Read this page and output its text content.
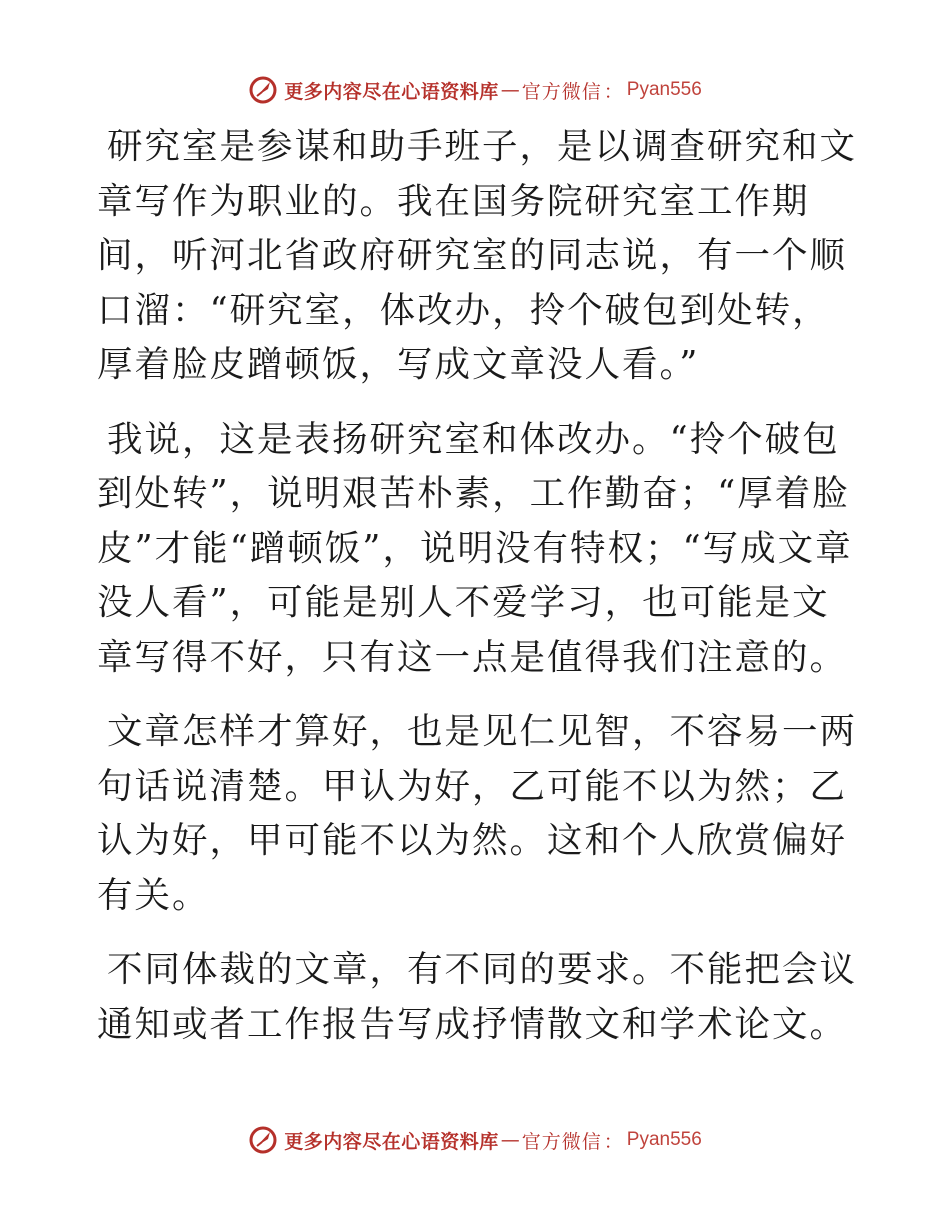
更多内容尽在心语资料库 — 官方微信 ： Pyan556

研究室是参谋和助手班子，是以调查研究和文章写作为职业的。我在国务院研究室工作期间，听河北省政府研究室的同志说，有一个顺口溜：“研究室，体改办，拎个破包到处转，厚着脸皮蹭顿饭，写成文章没人看。”

我说，这是表扬研究室和体改办。“拎个破包到处转”，说明艰苦朴素，工作勤奋；“厚着脸皮”才能“蹭顿饭”，说明没有特权；“写成文章没人看”，可能是别人不爱学习，也可能是文章写得不好，只有这一点是值得我们注意的。

文章怎样才算好，也是见仁见智，不容易一两句话说清楚。甲认为好，乙可能不以为然；乙认为好，甲可能不以为然。这和个人欣赏偏好有关。

不同体裁的文章，有不同的要求。不能把会议通知或者工作报告写成抒情散文和学术论文。

更多内容尽在心语资料库 — 官方微信 ： Pyan556
